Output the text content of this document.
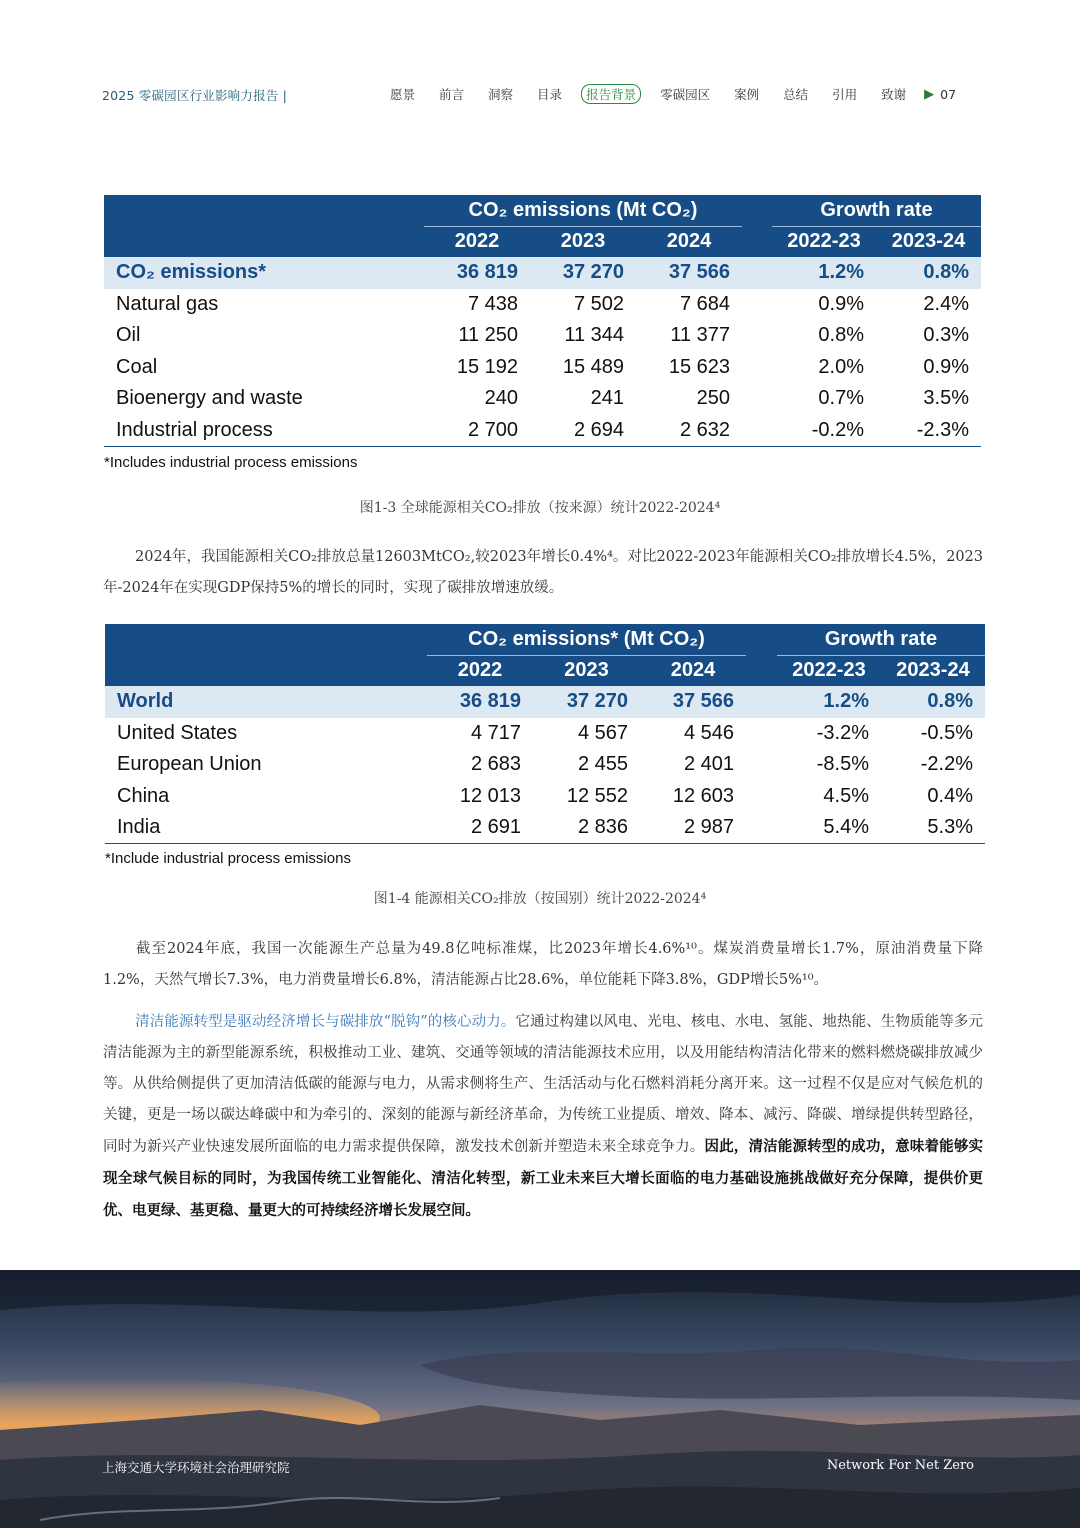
2025 零碳园区行业影响力报告 |	愿景 前言 洞察 目录	报告背景	零碳园区 案例 总结 引用 致谢 ▶ 07
	CO₂ emissions (Mt CO₂)				Growth rate	
	2022	2023	2024		2022-23	2023-24
CO₂ emissions*	36 819	37 270	37 566		1.2%	0.8%
Natural gas	7 438	7 502	7 684		0.9%	2.4%
Oil	11 250	11 344	11 377		0.8%	0.3%
Coal	15 192	15 489	15 623		2.0%	0.9%
Bioenergy and waste	240	241	250		0.7%	3.5%
Industrial process	2 700	2 694	2 632		-0.2%	-2.3%
*Includes industrial process emissions
图1-3 全球能源相关CO₂排放（按来源）统计2022-2024⁴
2024年，我国能源相关CO₂排放总量12603MtCO₂,较2023年增长0.4%⁴。对比2022-2023年能源相关CO₂排放增长4.5%，2023年-2024年在实现GDP保持5%的增长的同时，实现了碳排放增速放缓。
	CO₂ emissions* (Mt CO₂)				Growth rate	
	2022	2023	2024		2022-23	2023-24
World	36 819	37 270	37 566		1.2%	0.8%
United States	4 717	4 567	4 546		-3.2%	-0.5%
European Union	2 683	2 455	2 401		-8.5%	-2.2%
China	12 013	12 552	12 603		4.5%	0.4%
India	2 691	2 836	2 987		5.4%	5.3%
*Include industrial process emissions
图1-4 能源相关CO₂排放（按国别）统计2022-2024⁴
截至2024年底，我国一次能源生产总量为49.8亿吨标准煤，比2023年增长4.6%¹⁰。煤炭消费量增长1.7%，原油消费量下降1.2%，天然气增长7.3%，电力消费量增长6.8%，清洁能源占比28.6%，单位能耗下降3.8%，GDP增长5%¹⁰。
清洁能源转型是驱动经济增长与碳排放“脱钩”的核心动力。它通过构建以风电、光电、核电、水电、氢能、地热能、生物质能等多元清洁能源为主的新型能源系统，积极推动工业、建筑、交通等领域的清洁能源技术应用，以及用能结构清洁化带来的燃料燃烧碳排放减少等。从供给侧提供了更加清洁低碳的能源与电力，从需求侧将生产、生活活动与化石燃料消耗分离开来。这一过程不仅是应对气候危机的关键，更是一场以碳达峰碳中和为牵引的、深刻的能源与新经济革命，为传统工业提质、增效、降本、减污、降碳、增绿提供转型路径，同时为新兴产业快速发展所面临的电力需求提供保障，激发技术创新并塑造未来全球竞争力。因此，清洁能源转型的成功，意味着能够实现全球气候目标的同时，为我国传统工业智能化、清洁化转型，新工业未来巨大增长面临的电力基础设施挑战做好充分保障，提供价更优、电更绿、基更稳、量更大的可持续经济增长发展空间。
上海交通大学环境社会治理研究院	Network For Net Zero
